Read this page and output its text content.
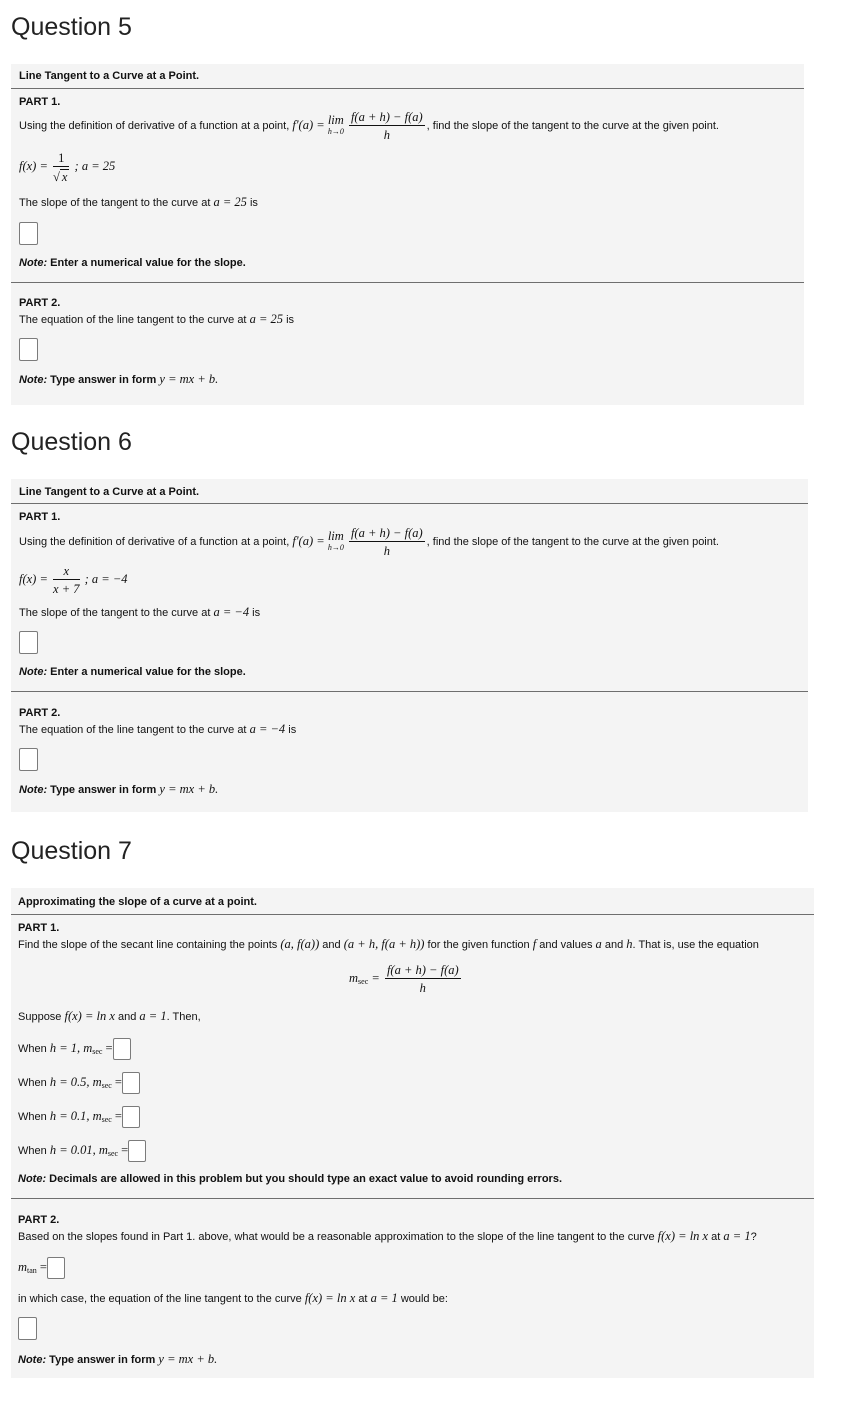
Question 5
Line Tangent to a Curve at a Point.
PART 1.
Using the definition of derivative of a function at a point, f′(a) = lim
h→0
$\frac{f(a + h) - f(a)}{h}$ , find the slope of the tangent to the curve at the given point.
$f(x) = \frac{1}{√ x}$ ; a = 25
The slope of the tangent to the curve at a = 25 is
Note: Enter a numerical value for the slope.
PART 2.
The equation of the line tangent to the curve at a = 25 is
Note: Type answer in form y = mx + b.
Question 6
Line Tangent to a Curve at a Point.
PART 1.
Using the definition of derivative of a function at a point, f′(a) = lim
h→0
$\frac{f(a + h) - f(a)}{h}$ , find the slope of the tangent to the curve at the given point.
$f(x) = \frac{x}{x + 7}$ ; a = −4
The slope of the tangent to the curve at a = −4 is
Note: Enter a numerical value for the slope.
PART 2.
The equation of the line tangent to the curve at a = −4 is
Note: Type answer in form y = mx + b.
Question 7
Approximating the slope of a curve at a point.
PART 1.
Find the slope of the secant line containing the points (a, f(a)) and (a + h, f(a + h)) for the given function f and values a and h. That is, use the equation
$m_{sec} = \frac{f(a + h) - f(a)}{h}$
Suppose f(x) = ln x and a = 1. Then,
When h = 1, $m_{sec}$ =
When h = 0.5, $m_{sec}$ =
When h = 0.1, $m_{sec}$ =
When h = 0.01, $m_{sec}$ =
Note: Decimals are allowed in this problem but you should type an exact value to avoid rounding errors.
PART 2.
Based on the slopes found in Part 1. above, what would be a reasonable approximation to the slope of the line tangent to the curve f(x) = ln x at a = 1?
$m_{tan}$ =
in which case, the equation of the line tangent to the curve f(x) = ln x at a = 1 would be:
Note: Type answer in form y = mx + b.
